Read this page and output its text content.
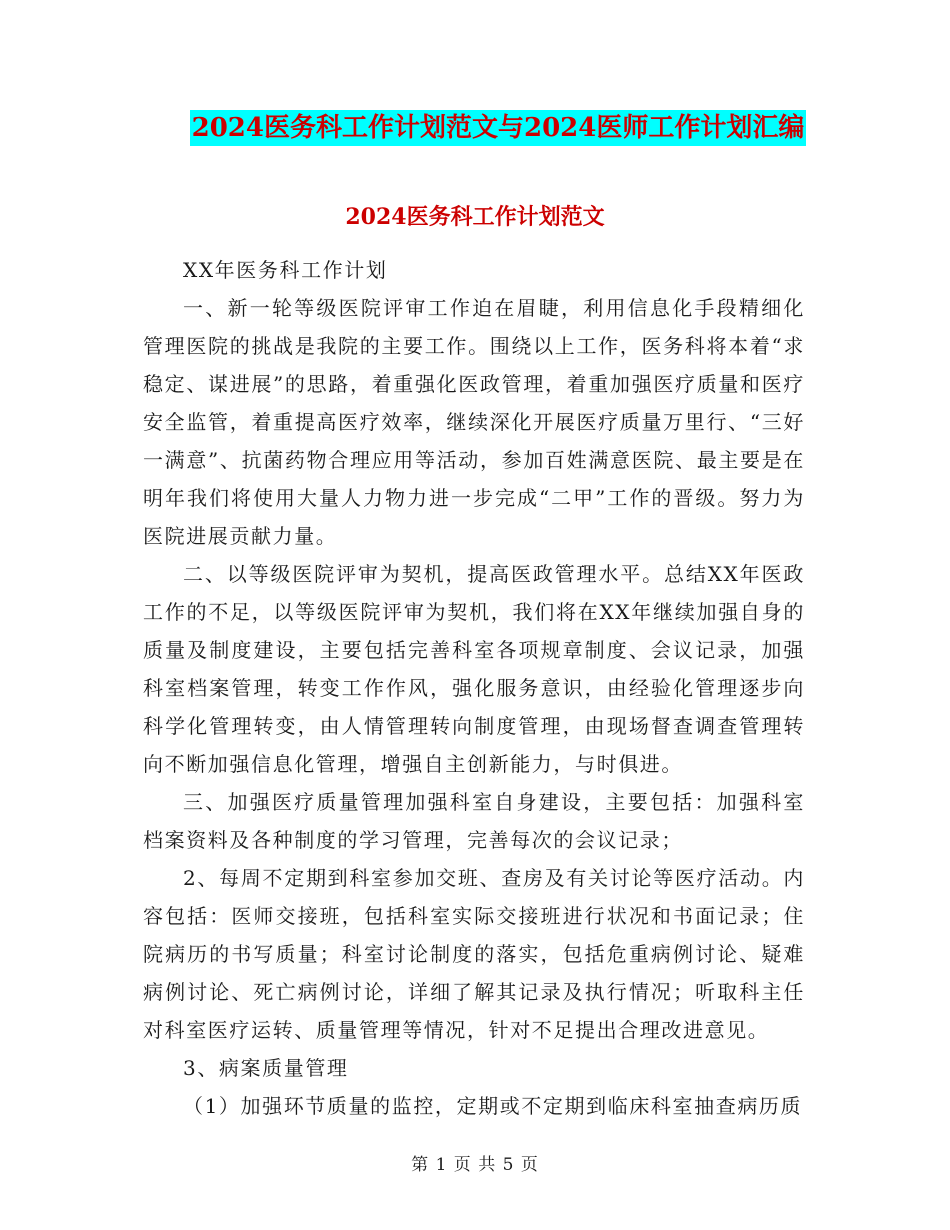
2024医务科工作计划范文与2024医师工作计划汇编
2024医务科工作计划范文

XX年医务科工作计划

一、新一轮等级医院评审工作迫在眉睫，利用信息化手段精细化管理医院的挑战是我院的主要工作。围绕以上工作，医务科将本着“求稳定、谋进展”的思路，着重强化医政管理，着重加强医疗质量和医疗安全监管，着重提高医疗效率，继续深化开展医疗质量万里行、“三好一满意”、抗菌药物合理应用等活动，参加百姓满意医院、最主要是在明年我们将使用大量人力物力进一步完成“二甲”工作的晋级。努力为医院进展贡献力量。

二、以等级医院评审为契机，提高医政管理水平。总结XX年医政工作的不足，以等级医院评审为契机，我们将在XX年继续加强自身的质量及制度建设，主要包括完善科室各项规章制度、会议记录，加强科室档案管理，转变工作作风，强化服务意识，由经验化管理逐步向科学化管理转变，由人情管理转向制度管理，由现场督查调查管理转向不断加强信息化管理，增强自主创新能力，与时俱进。

三、加强医疗质量管理加强科室自身建设，主要包括：加强科室档案资料及各种制度的学习管理，完善每次的会议记录；

2、每周不定期到科室参加交班、查房及有关讨论等医疗活动。内容包括：医师交接班，包括科室实际交接班进行状况和书面记录；住院病历的书写质量；科室讨论制度的落实，包括危重病例讨论、疑难病例讨论、死亡病例讨论，详细了解其记录及执行情况；听取科主任对科室医疗运转、质量管理等情况，针对不足提出合理改进意见。

3、病案质量管理

（1）加强环节质量的监控，定期或不定期到临床科室抽查病历质

第 1 页 共 5 页
